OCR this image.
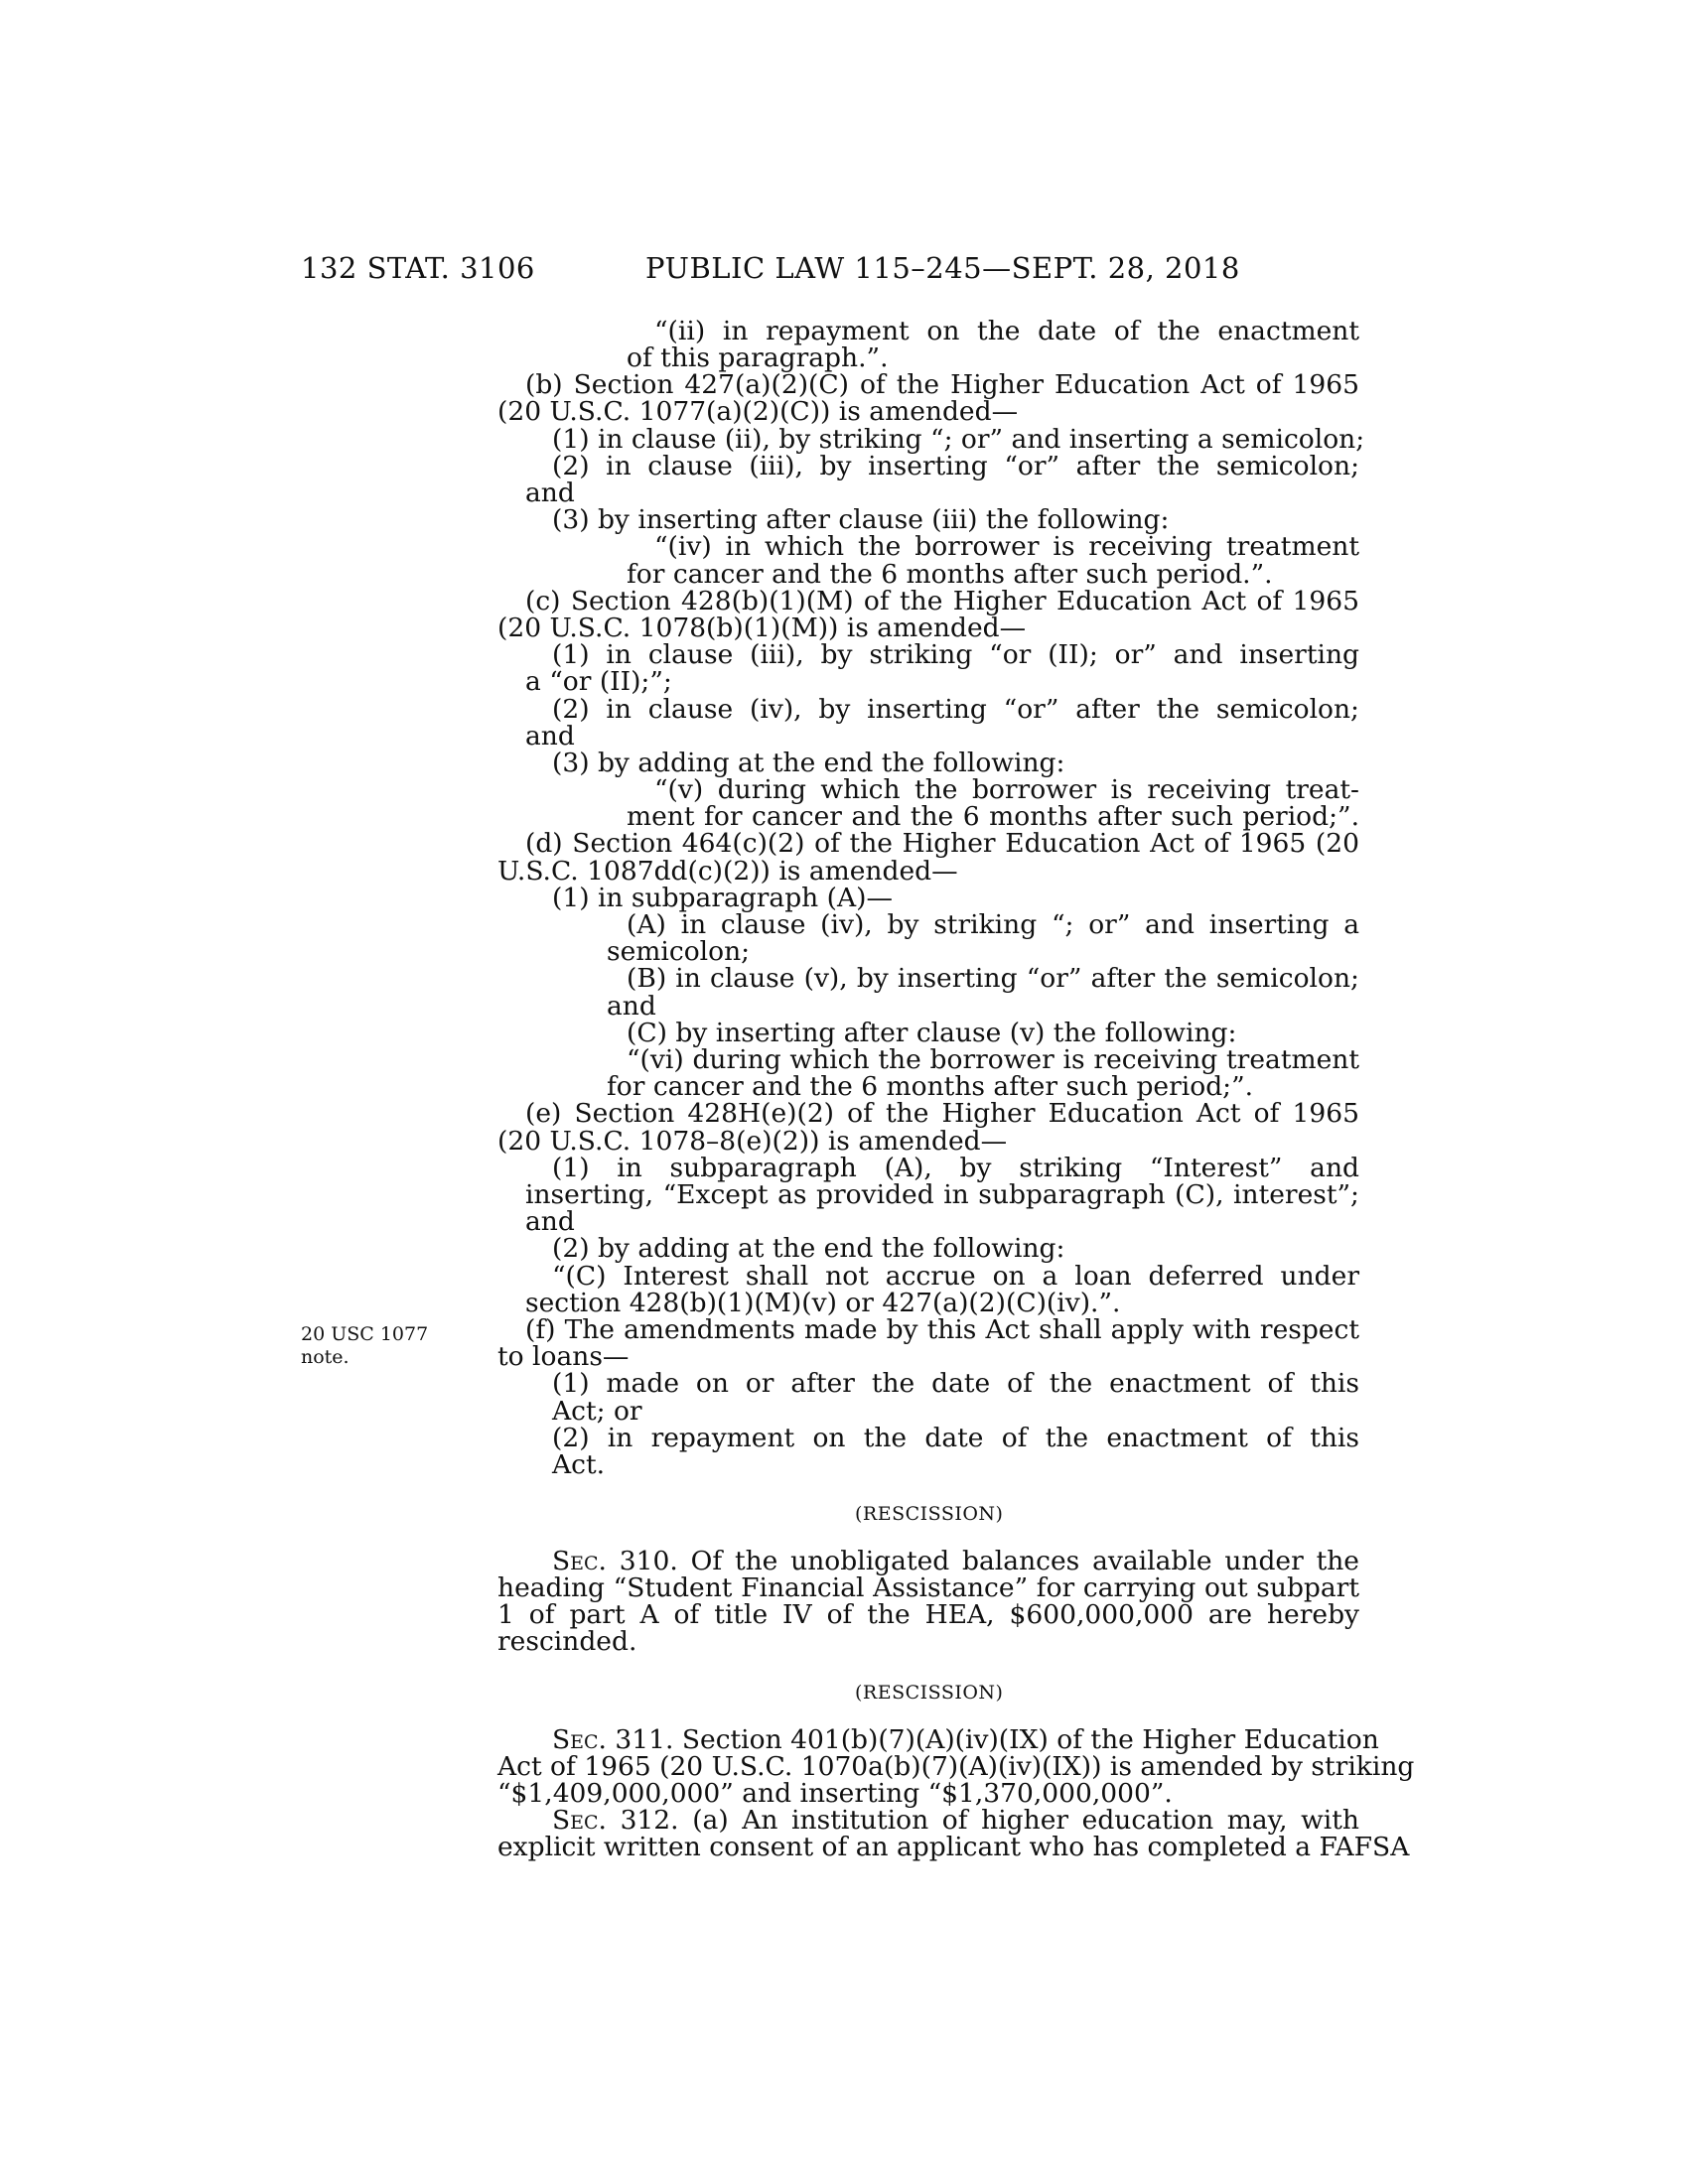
132 STAT. 3106	PUBLIC LAW 115–245—SEPT. 28, 2018
20 USC 1077
note.
“(ii) in repayment on the date of the enactment
of this paragraph.”.
(b) Section 427(a)(2)(C) of the Higher Education Act of 1965
(20 U.S.C. 1077(a)(2)(C)) is amended—
(1) in clause (ii), by striking “; or” and inserting a semicolon;
(2) in clause (iii), by inserting “or” after the semicolon;
and
(3) by inserting after clause (iii) the following:
“(iv) in which the borrower is receiving treatment
for cancer and the 6 months after such period.”.
(c) Section 428(b)(1)(M) of the Higher Education Act of 1965
(20 U.S.C. 1078(b)(1)(M)) is amended—
(1) in clause (iii), by striking “or (II); or” and inserting
a “or (II);”;
(2) in clause (iv), by inserting “or” after the semicolon;
and
(3) by adding at the end the following:
“(v) during which the borrower is receiving treat-
ment for cancer and the 6 months after such period;”.
(d) Section 464(c)(2) of the Higher Education Act of 1965 (20
U.S.C. 1087dd(c)(2)) is amended—
(1) in subparagraph (A)—
(A) in clause (iv), by striking “; or” and inserting a
semicolon;
(B) in clause (v), by inserting “or” after the semicolon;
and
(C) by inserting after clause (v) the following:
“(vi) during which the borrower is receiving treatment
for cancer and the 6 months after such period;”.
(e) Section 428H(e)(2) of the Higher Education Act of 1965
(20 U.S.C. 1078–8(e)(2)) is amended—
(1) in subparagraph (A), by striking “Interest” and
inserting, “Except as provided in subparagraph (C), interest”;
and
(2) by adding at the end the following:
“(C) Interest shall not accrue on a loan deferred under
section 428(b)(1)(M)(v) or 427(a)(2)(C)(iv).”.
(f) The amendments made by this Act shall apply with respect
to loans—
(1) made on or after the date of the enactment of this
Act; or
(2) in repayment on the date of the enactment of this
Act.
(RESCISSION)
Sec. 310. Of the unobligated balances available under the
heading “Student Financial Assistance” for carrying out subpart
1 of part A of title IV of the HEA, $600,000,000 are hereby
rescinded.
(RESCISSION)
Sec. 311. Section 401(b)(7)(A)(iv)(IX) of the Higher Education
Act of 1965 (20 U.S.C. 1070a(b)(7)(A)(iv)(IX)) is amended by striking
“$1,409,000,000” and inserting “$1,370,000,000”.
Sec. 312. (a) An institution of higher education may, with
explicit written consent of an applicant who has completed a FAFSA
